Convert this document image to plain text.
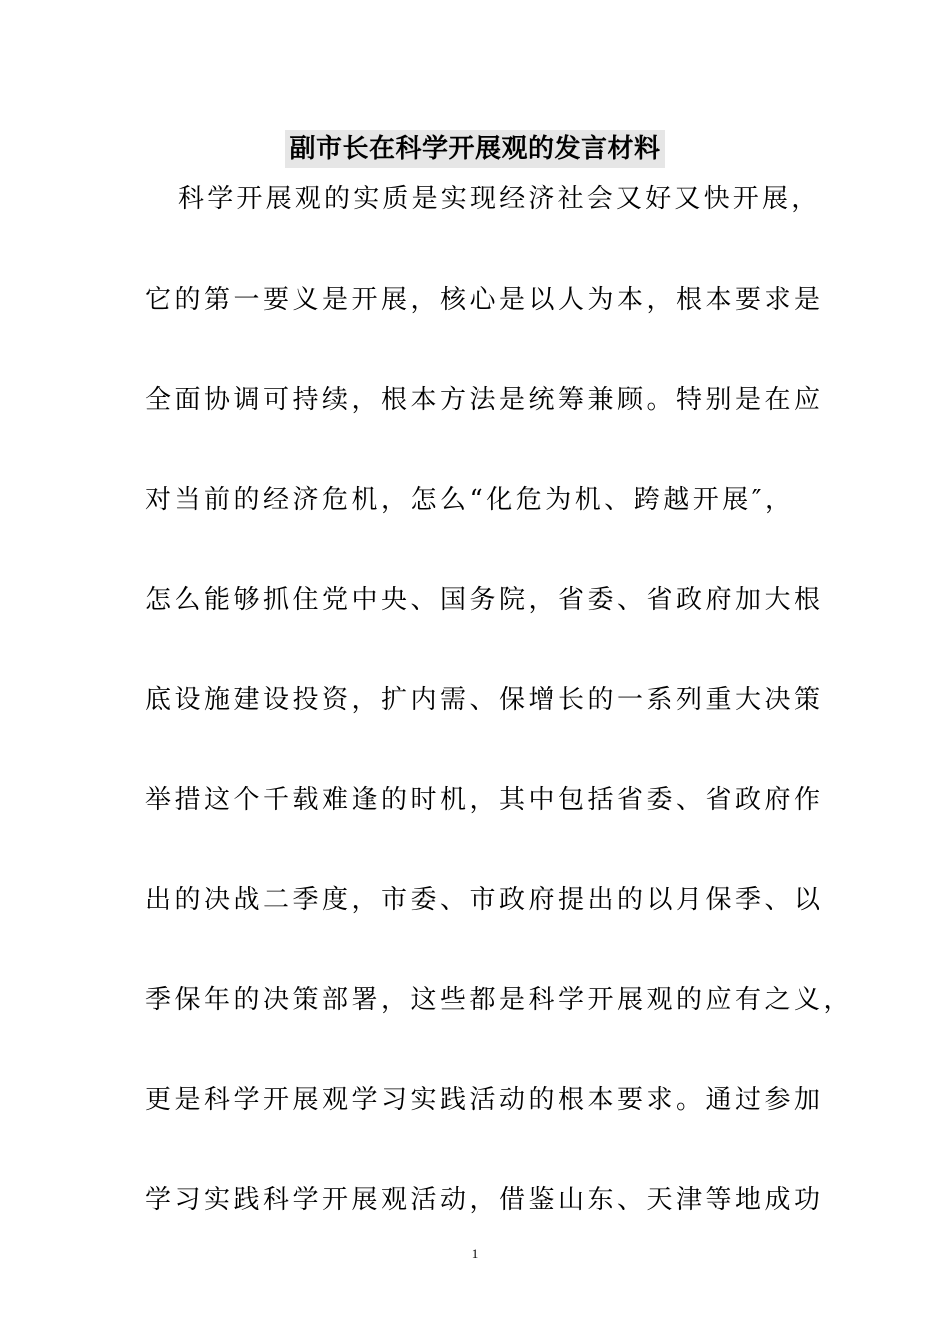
副市长在科学开展观的发言材料
科学开展观的实质是实现经济社会又好又快开展，
它的第一要义是开展，核心是以人为本，根本要求是
全面协调可持续，根本方法是统筹兼顾。特别是在应
对当前的经济危机，怎么“化危为机、跨越开展″，
怎么能够抓住党中央、国务院，省委、省政府加大根
底设施建设投资，扩内需、保增长的一系列重大决策
举措这个千载难逢的时机，其中包括省委、省政府作
出的决战二季度，市委、市政府提出的以月保季、以
季保年的决策部署，这些都是科学开展观的应有之义，
更是科学开展观学习实践活动的根本要求。通过参加
学习实践科学开展观活动，借鉴山东、天津等地成功
1
